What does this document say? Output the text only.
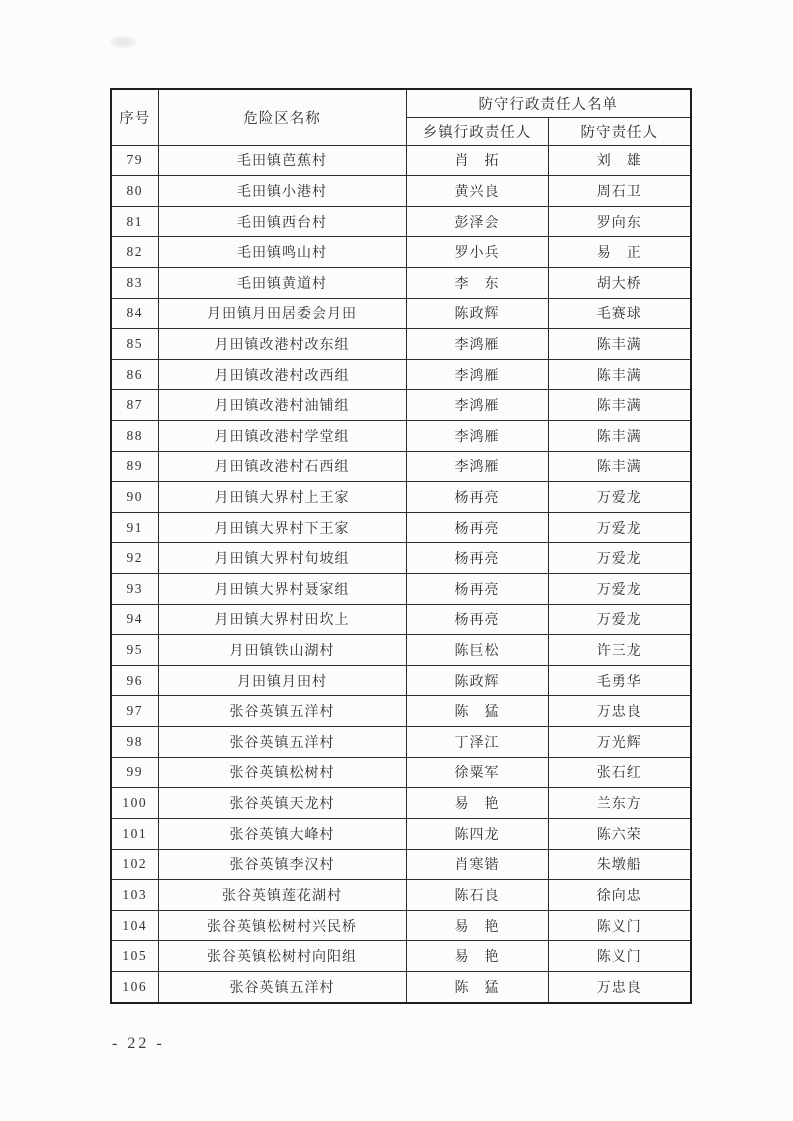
序号	危险区名称	防守行政责任人名单	
		乡镇行政责任人	防守责任人
79	毛田镇芭蕉村	肖　拓	刘　雄
80	毛田镇小港村	黄兴良	周石卫
81	毛田镇西台村	彭泽会	罗向东
82	毛田镇鸣山村	罗小兵	易　正
83	毛田镇黄道村	李　东	胡大桥
84	月田镇月田居委会月田	陈政辉	毛赛球
85	月田镇改港村改东组	李鸿雁	陈丰满
86	月田镇改港村改西组	李鸿雁	陈丰满
87	月田镇改港村油铺组	李鸿雁	陈丰满
88	月田镇改港村学堂组	李鸿雁	陈丰满
89	月田镇改港村石西组	李鸿雁	陈丰满
90	月田镇大界村上王家	杨再亮	万爱龙
91	月田镇大界村下王家	杨再亮	万爱龙
92	月田镇大界村旬坡组	杨再亮	万爱龙
93	月田镇大界村聂家组	杨再亮	万爱龙
94	月田镇大界村田坎上	杨再亮	万爱龙
95	月田镇铁山湖村	陈巨松	许三龙
96	月田镇月田村	陈政辉	毛勇华
97	张谷英镇五洋村	陈　猛	万忠良
98	张谷英镇五洋村	丁泽江	万光辉
99	张谷英镇松树村	徐粟军	张石红
100	张谷英镇天龙村	易　艳	兰东方
101	张谷英镇大峰村	陈四龙	陈六荣
102	张谷英镇李汉村	肖寒锴	朱墩船
103	张谷英镇莲花湖村	陈石良	徐向忠
104	张谷英镇松树村兴民桥	易　艳	陈义门
105	张谷英镇松树村向阳组	易　艳	陈义门
106	张谷英镇五洋村	陈　猛	万忠良
- 22 -
